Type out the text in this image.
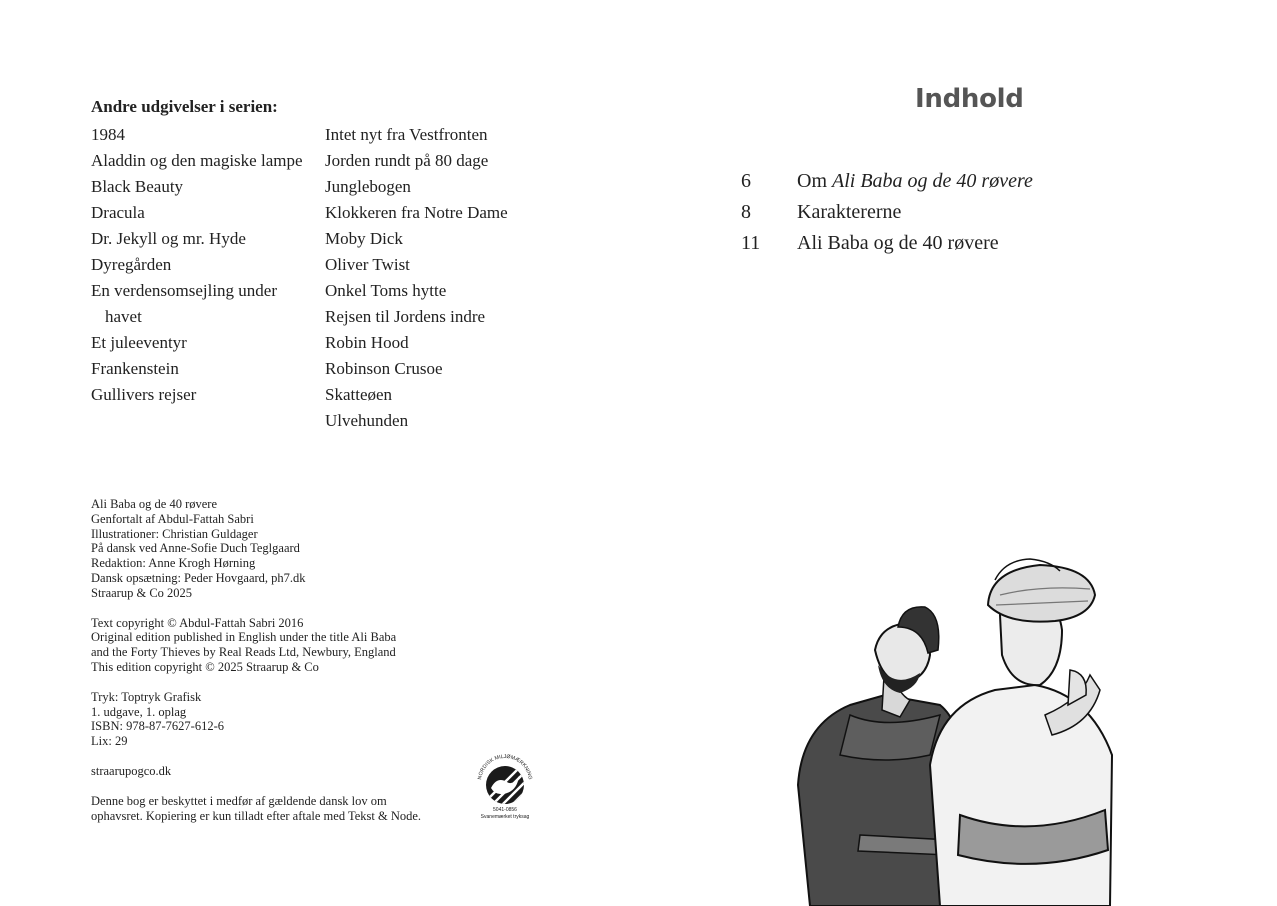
Andre udgivelser i serien:
1984
Aladdin og den magiske lampe
Black Beauty
Dracula
Dr. Jekyll og mr. Hyde
Dyregården
En verdensomsejling under havet
Et juleeventyr
Frankenstein
Gullivers rejser
Intet nyt fra Vestfronten
Jorden rundt på 80 dage
Junglebogen
Klokkeren fra Notre Dame
Moby Dick
Oliver Twist
Onkel Toms hytte
Rejsen til Jordens indre
Robin Hood
Robinson Crusoe
Skatteøen
Ulvehunden

Ali Baba og de 40 røvere
Genfortalt af Abdul-Fattah Sabri
Illustrationer: Christian Guldager
På dansk ved Anne-Sofie Duch Teglgaard
Redaktion: Anne Krogh Hørning
Dansk opsætning: Peder Hovgaard, ph7.dk
Straarup & Co 2025

Text copyright © Abdul-Fattah Sabri 2016
Original edition published in English under the title Ali Baba
and the Forty Thieves by Real Reads Ltd, Newbury, England
This edition copyright © 2025 Straarup & Co

Tryk: Toptryk Grafisk
1. udgave, 1. oplag
ISBN: 978-87-7627-612-6
Lix: 29

straarupogco.dk

Denne bog er beskyttet i medfør af gældende dansk lov om
ophavsret. Kopiering er kun tilladt efter aftale med Tekst & Node.

NORDISK MILJØMÆRKNING
5041-0856
Svanemærket tryksag
Indhold
6 Om Ali Baba og de 40 røvere
8 Karaktererne
11 Ali Baba og de 40 røvere
